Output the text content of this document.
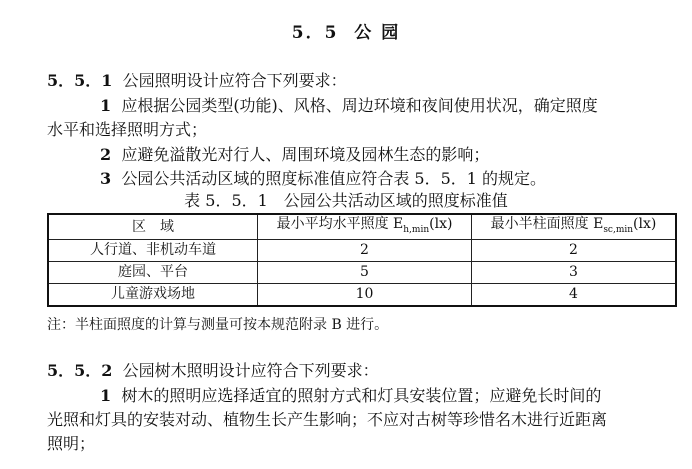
5．5 公 园
5．5．1 公园照明设计应符合下列要求：
1 应根据公园类型(功能)、风格、周边环境和夜间使用状况，确定照度
水平和选择照明方式；
2 应避免溢散光对行人、周围环境及园林生态的影响；
3 公园公共活动区域的照度标准值应符合表 5．5．1 的规定。
表 5．5．1　公园公共活动区域的照度标准值
区　域	最小平均水平照度 $E_{h,min}(lx)$	最小半柱面照度 $E_{sc,min}(lx)$
人行道、非机动车道	2	2
庭园、平台	5	3
儿童游戏场地	10	4
注：半柱面照度的计算与测量可按本规范附录 B 进行。
5．5．2 公园树木照明设计应符合下列要求：
1 树木的照明应选择适宜的照射方式和灯具安装位置；应避免长时间的
光照和灯具的安装对动、植物生长产生影响；不应对古树等珍惜名木进行近距离
照明；
